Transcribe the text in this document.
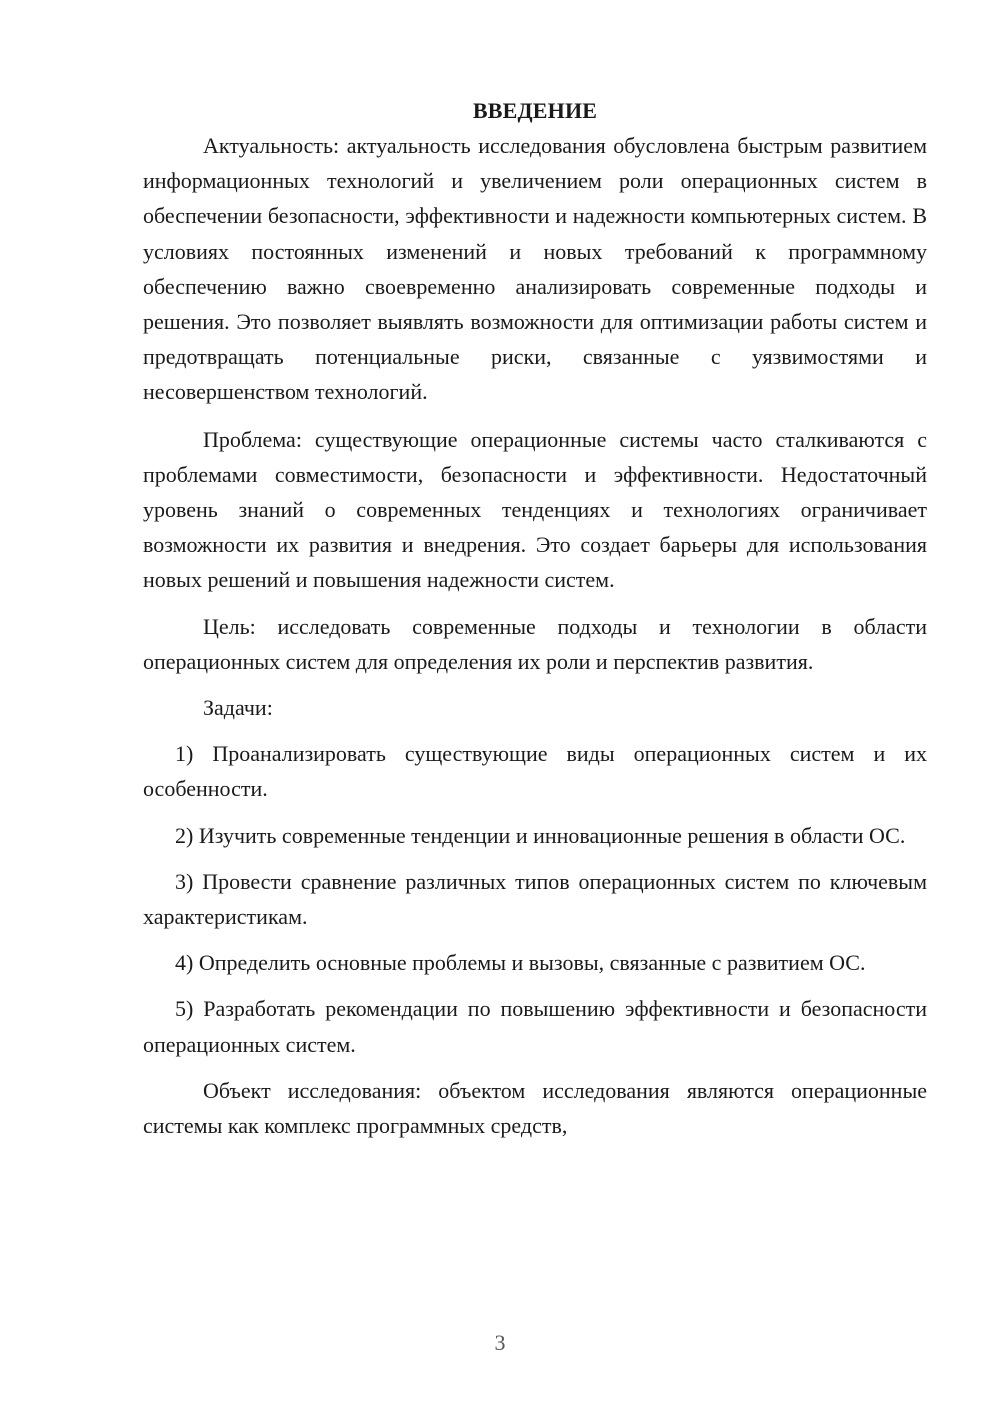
ВВЕДЕНИЕ

Актуальность: актуальность исследования обусловлена быстрым развитием информационных технологий и увеличением роли операционных систем в обеспечении безопасности, эффективности и надежности компьютерных систем. В условиях постоянных изменений и новых требований к программному обеспечению важно своевременно анализировать современные подходы и решения. Это позволяет выявлять возможности для оптимизации работы систем и предотвращать потенциальные риски, связанные с уязвимостями и несовершенством технологий.

Проблема: существующие операционные системы часто сталкиваются с проблемами совместимости, безопасности и эффективности. Недостаточный уровень знаний о современных тенденциях и технологиях ограничивает возможности их развития и внедрения. Это создает барьеры для использования новых решений и повышения надежности систем.

Цель: исследовать современные подходы и технологии в области операционных систем для определения их роли и перспектив развития.

Задачи:

1) Проанализировать существующие виды операционных систем и их особенности.

2) Изучить современные тенденции и инновационные решения в области ОС.

3) Провести сравнение различных типов операционных систем по ключевым характеристикам.

4) Определить основные проблемы и вызовы, связанные с развитием ОС.

5) Разработать рекомендации по повышению эффективности и безопасности операционных систем.

Объект исследования: объектом исследования являются операционные системы как комплекс программных средств,

3
